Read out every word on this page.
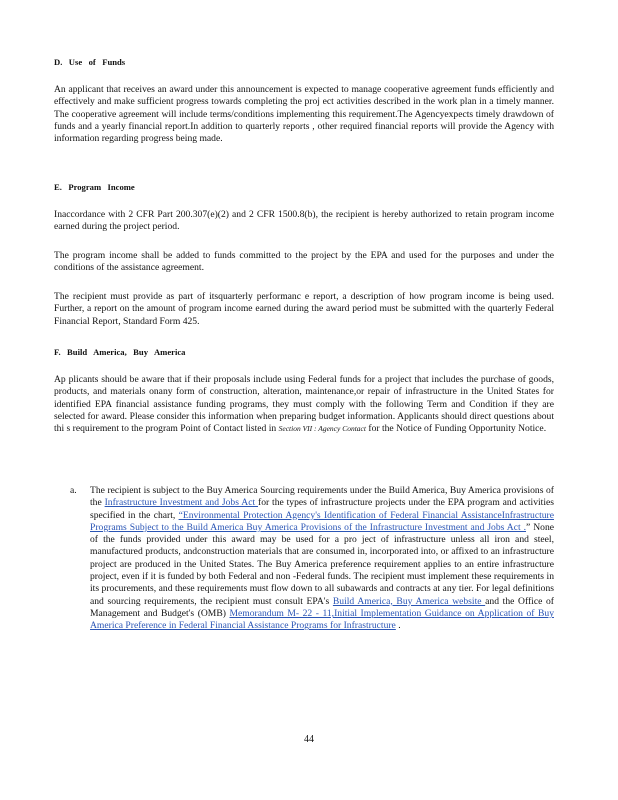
D.   Use   of   Funds

An applicant that receives an award under this announcement is expected to manage cooperative agreement funds efficiently and effectively and make sufficient progress towards completing the proj ect activities described in the work plan in a timely manner. The cooperative agreement will include terms/conditions implementing this requirement.The Agencyexpects timely drawdown of funds and a yearly financial report.In addition to quarterly reports , other required financial reports will provide the Agency with information regarding progress being made.

E.   Program   Income

Inaccordance with 2 CFR Part 200.307(e)(2) and 2 CFR 1500.8(b), the recipient is hereby authorized to retain program income earned during the project period.

The program income shall be added to funds committed to the project by the EPA and used for the purposes and under the conditions of the assistance agreement.

The recipient must provide as part of itsquarterly performanc e report, a description of how program income is being used. Further, a report on the amount of program income earned during the award period must be submitted with the quarterly Federal Financial Report, Standard Form 425.

F.   Build   America,   Buy   America

Ap plicants should be aware that if their proposals include using Federal funds for a project that includes the purchase of goods, products, and materials onany form of construction, alteration, maintenance,or repair of infrastructure in the United States for identified EPA financial assistance funding programs, they must comply with the following Term and Condition if they are selected for award. Please consider this information when preparing budget information. Applicants should direct questions about thi s requirement to the program Point of Contact listed in Section VII : Agency Contact for the Notice of Funding Opportunity Notice.

a. The recipient is subject to the Buy America Sourcing requirements under the Build America, Buy America provisions of the Infrastructure Investment and Jobs Act for the types of infrastructure projects under the EPA program and activities specified in the chart, “Environmental Protection Agency's Identification of Federal Financial AssistanceInfrastructure Programs Subject to the Build America Buy America Provisions of the Infrastructure Investment and Jobs Act .” None of the funds provided under this award may be used for a pro ject of infrastructure unless all iron and steel, manufactured products, andconstruction materials that are consumed in, incorporated into, or affixed to an infrastructure project are produced in the United States. The Buy America preference requirement applies to an entire infrastructure project, even if it is funded by both Federal and non -Federal funds. The recipient must implement these requirements in its procurements, and these requirements must flow down to all subawards and contracts at any tier. For legal definitions and sourcing requirements, the recipient must consult EPA's Build America, Buy America website and the Office of Management and Budget's (OMB) Memorandum M- 22 - 11,Initial Implementation Guidance on Application of Buy America Preference in Federal Financial Assistance Programs for Infrastructure .

44
